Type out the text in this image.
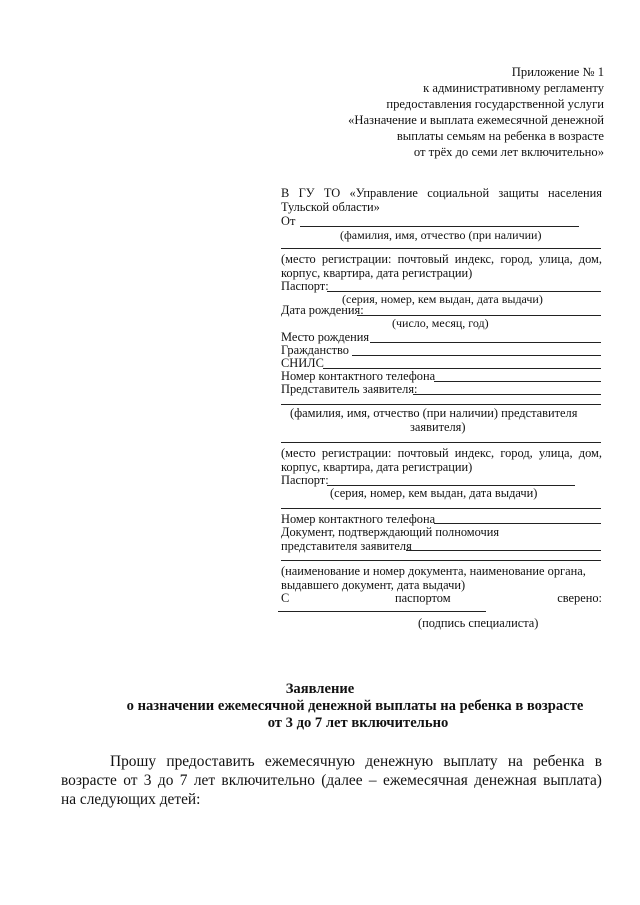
Приложение № 1
к административному регламенту
предоставления государственной услуги
«Назначение и выплата ежемесячной денежной
выплаты семьям на ребенка в возрасте
от трёх до семи лет включительно»
В ГУ ТО «Управление социальной защиты населения
Тульской области»
От
(фамилия, имя, отчество (при наличии)
(место регистрации: почтовый индекс, город, улица, дом,
корпус, квартира, дата регистрации)
Паспорт:
(серия, номер, кем выдан, дата выдачи)
Дата рождения:
(число, месяц, год)
Место рождения
Гражданство
СНИЛС
Номер контактного телефона
Представитель заявителя:
(фамилия, имя, отчество (при наличии) представителя
заявителя)
(место регистрации: почтовый индекс, город, улица, дом,
корпус, квартира, дата регистрации)
Паспорт:
(серия, номер, кем выдан, дата выдачи)
Номер контактного телефона
Документ, подтверждающий полномочия
представителя заявителя
(наименование и номер документа, наименование органа,
выдавшего документ, дата выдачи)
С	паспортом	сверено:
(подпись специалиста)
Заявление
о назначении ежемесячной денежной выплаты на ребенка в возрасте
от 3 до 7 лет включительно
Прошу предоставить ежемесячную денежную выплату на ребенка в
возрасте от 3 до 7 лет включительно (далее – ежемесячная денежная выплата)
на следующих детей:
